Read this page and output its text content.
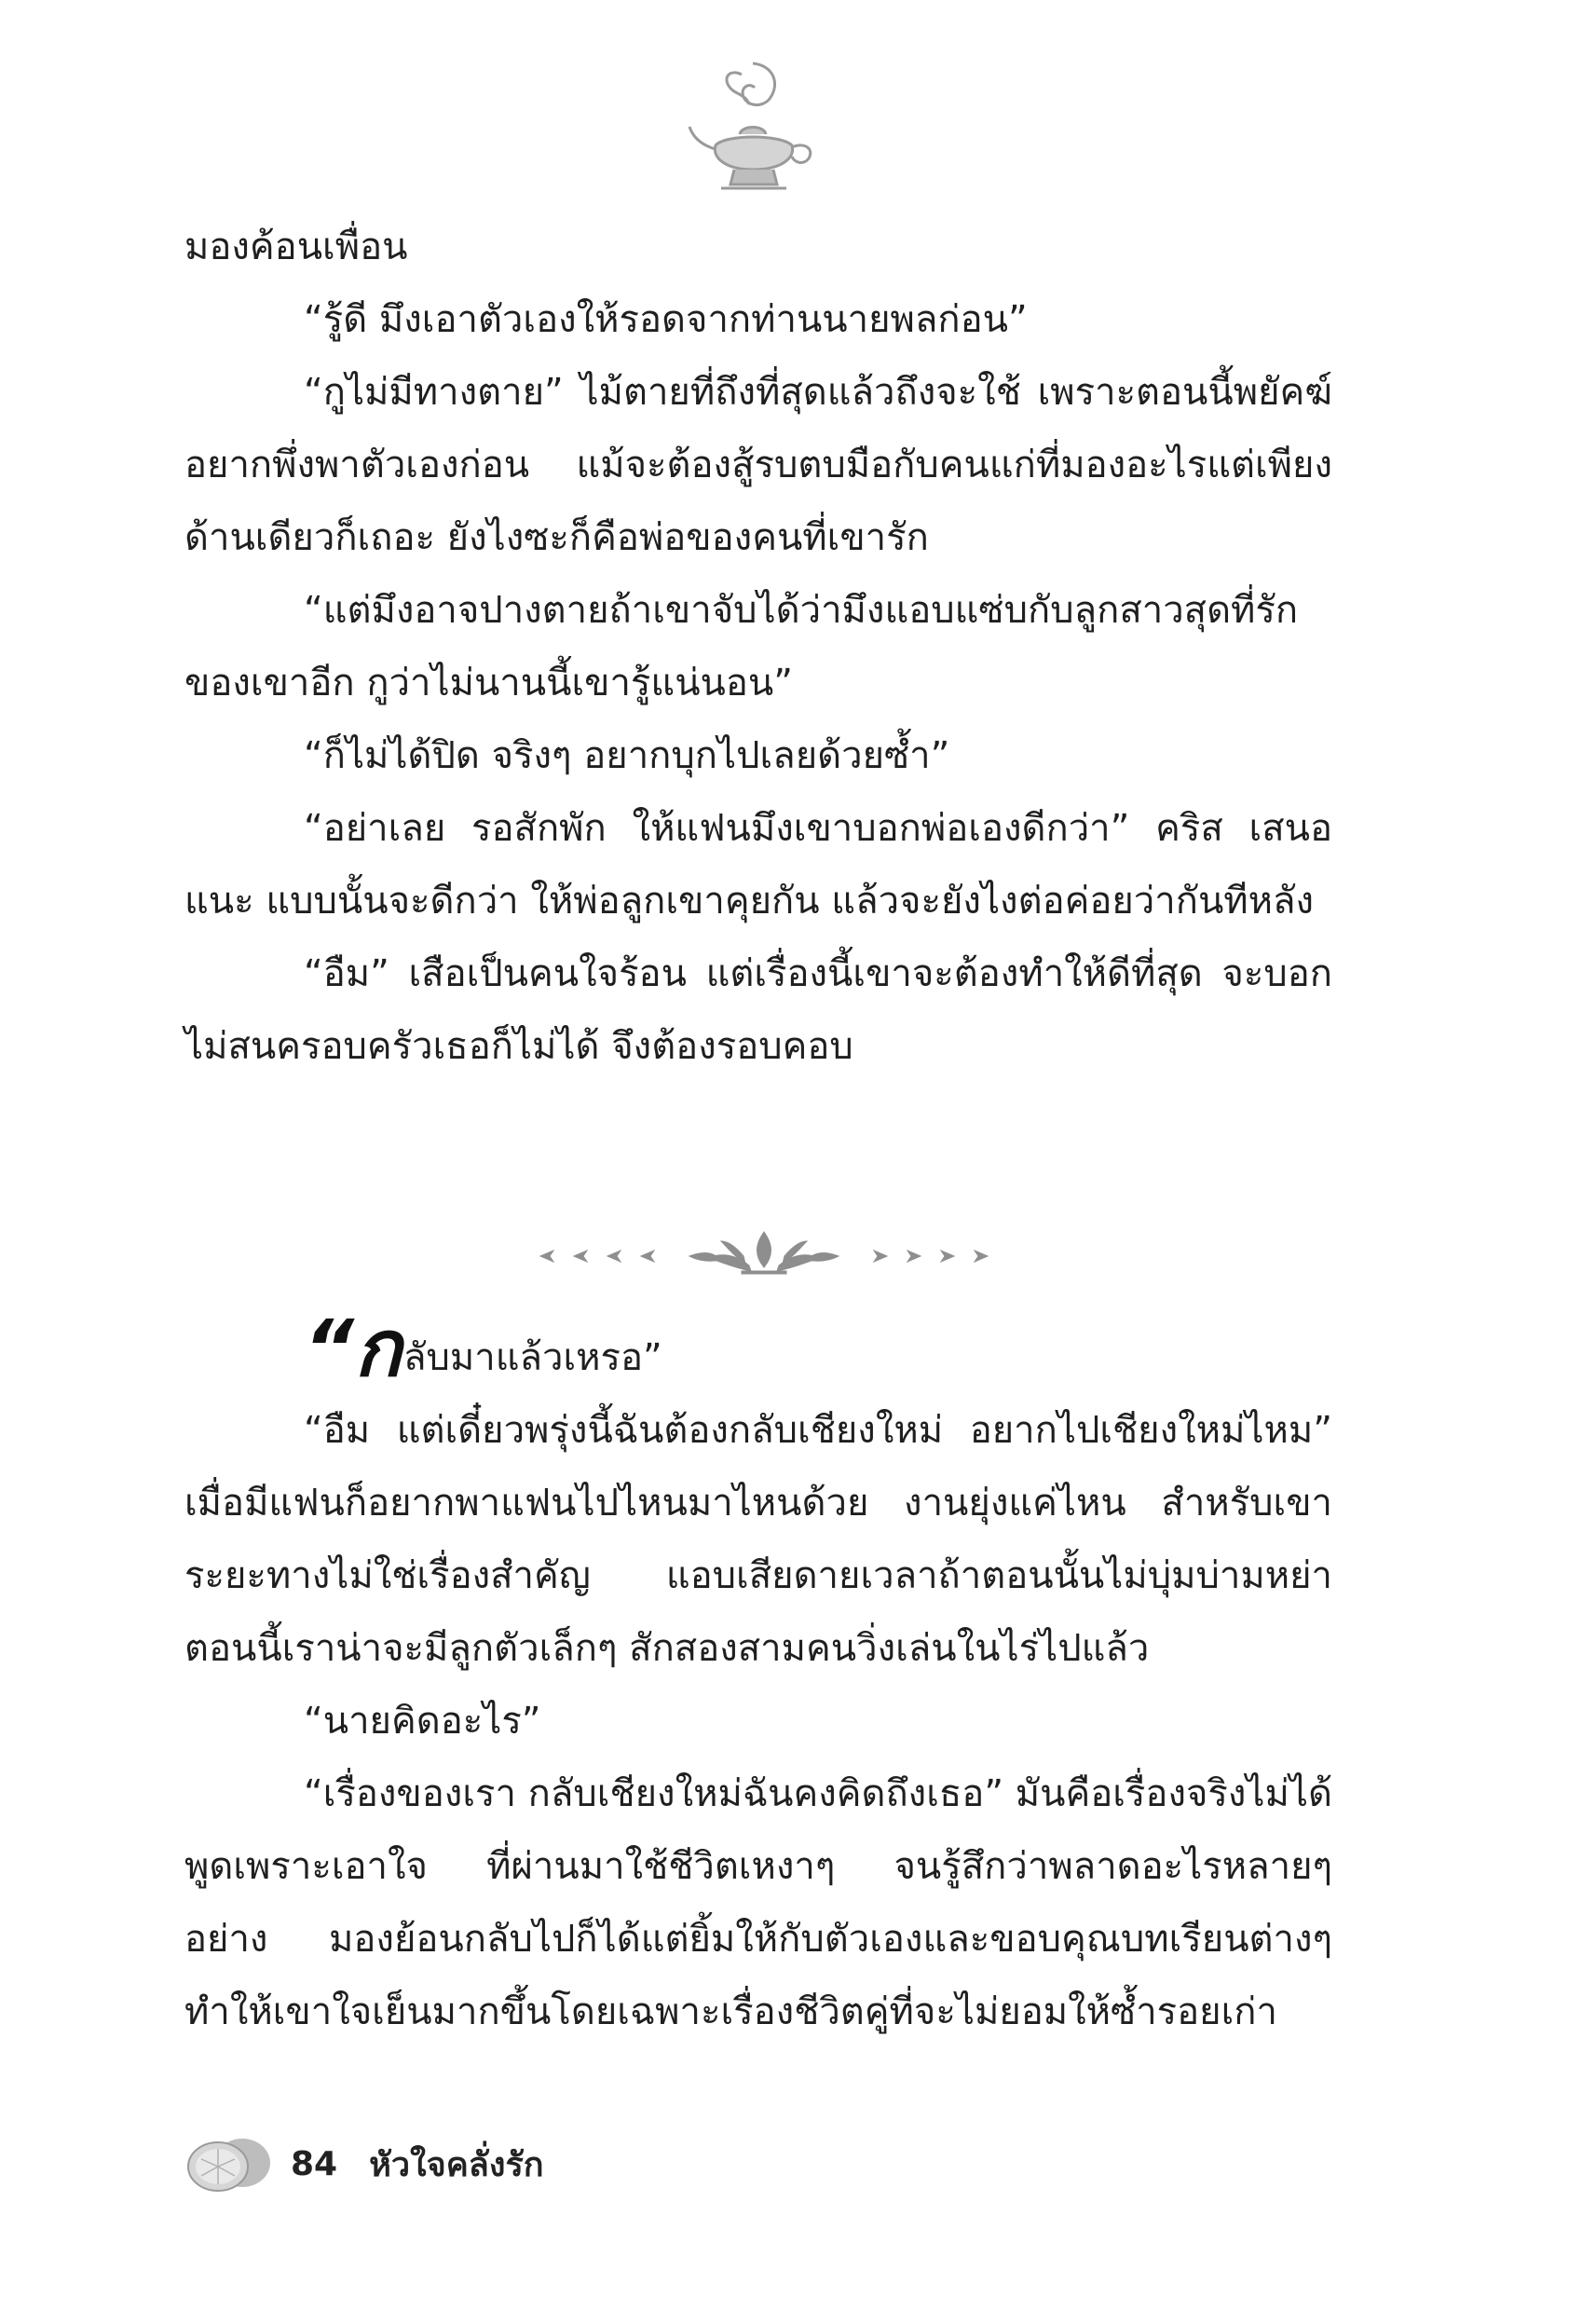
มองค้อนเพื่อน

“รู้ดี มึงเอาตัวเองให้รอดจากท่านนายพลก่อน”

“กูไม่มีทางตาย” ไม้ตายที่ถึงที่สุดแล้วถึงจะใช้ เพราะตอนนี้พยัคฆ์อยากพึ่งพาตัวเองก่อน แม้จะต้องสู้รบตบมือกับคนแก่ที่มองอะไรแต่เพียงด้านเดียวก็เถอะ ยังไงซะก็คือพ่อของคนที่เขารัก

“แต่มึงอาจปางตายถ้าเขาจับได้ว่ามึงแอบแซ่บกับลูกสาวสุดที่รักของเขาอีก กูว่าไม่นานนี้เขารู้แน่นอน”

“ก็ไม่ได้ปิด จริงๆ อยากบุกไปเลยด้วยซ้ำ”

“อย่าเลย รอสักพัก ให้แฟนมึงเขาบอกพ่อเองดีกว่า” คริส เสนอแนะ แบบนั้นจะดีกว่า ให้พ่อลูกเขาคุยกัน แล้วจะยังไงต่อค่อยว่ากันทีหลัง

“อืม” เสือเป็นคนใจร้อน แต่เรื่องนี้เขาจะต้องทำให้ดีที่สุด จะบอกไม่สนครอบครัวเธอก็ไม่ได้ จึงต้องรอบคอบ

“กลับมาแล้วเหรอ”

“อืม แต่เดี๋ยวพรุ่งนี้ฉันต้องกลับเชียงใหม่ อยากไปเชียงใหม่ไหม” เมื่อมีแฟนก็อยากพาแฟนไปไหนมาไหนด้วย งานยุ่งแค่ไหน สำหรับเขาระยะทางไม่ใช่เรื่องสำคัญ แอบเสียดายเวลาถ้าตอนนั้นไม่บุ่มบ่ามหย่าตอนนี้เราน่าจะมีลูกตัวเล็กๆ สักสองสามคนวิ่งเล่นในไร่ไปแล้ว

“นายคิดอะไร”

“เรื่องของเรา กลับเชียงใหม่ฉันคงคิดถึงเธอ” มันคือเรื่องจริงไม่ได้พูดเพราะเอาใจ ที่ผ่านมาใช้ชีวิตเหงาๆ จนรู้สึกว่าพลาดอะไรหลายๆ อย่าง มองย้อนกลับไปก็ได้แต่ยิ้มให้กับตัวเองและขอบคุณบทเรียนต่างๆ ทำให้เขาใจเย็นมากขึ้นโดยเฉพาะเรื่องชีวิตคู่ที่จะไม่ยอมให้ซ้ำรอยเก่า

84 หัวใจคลั่งรัก
